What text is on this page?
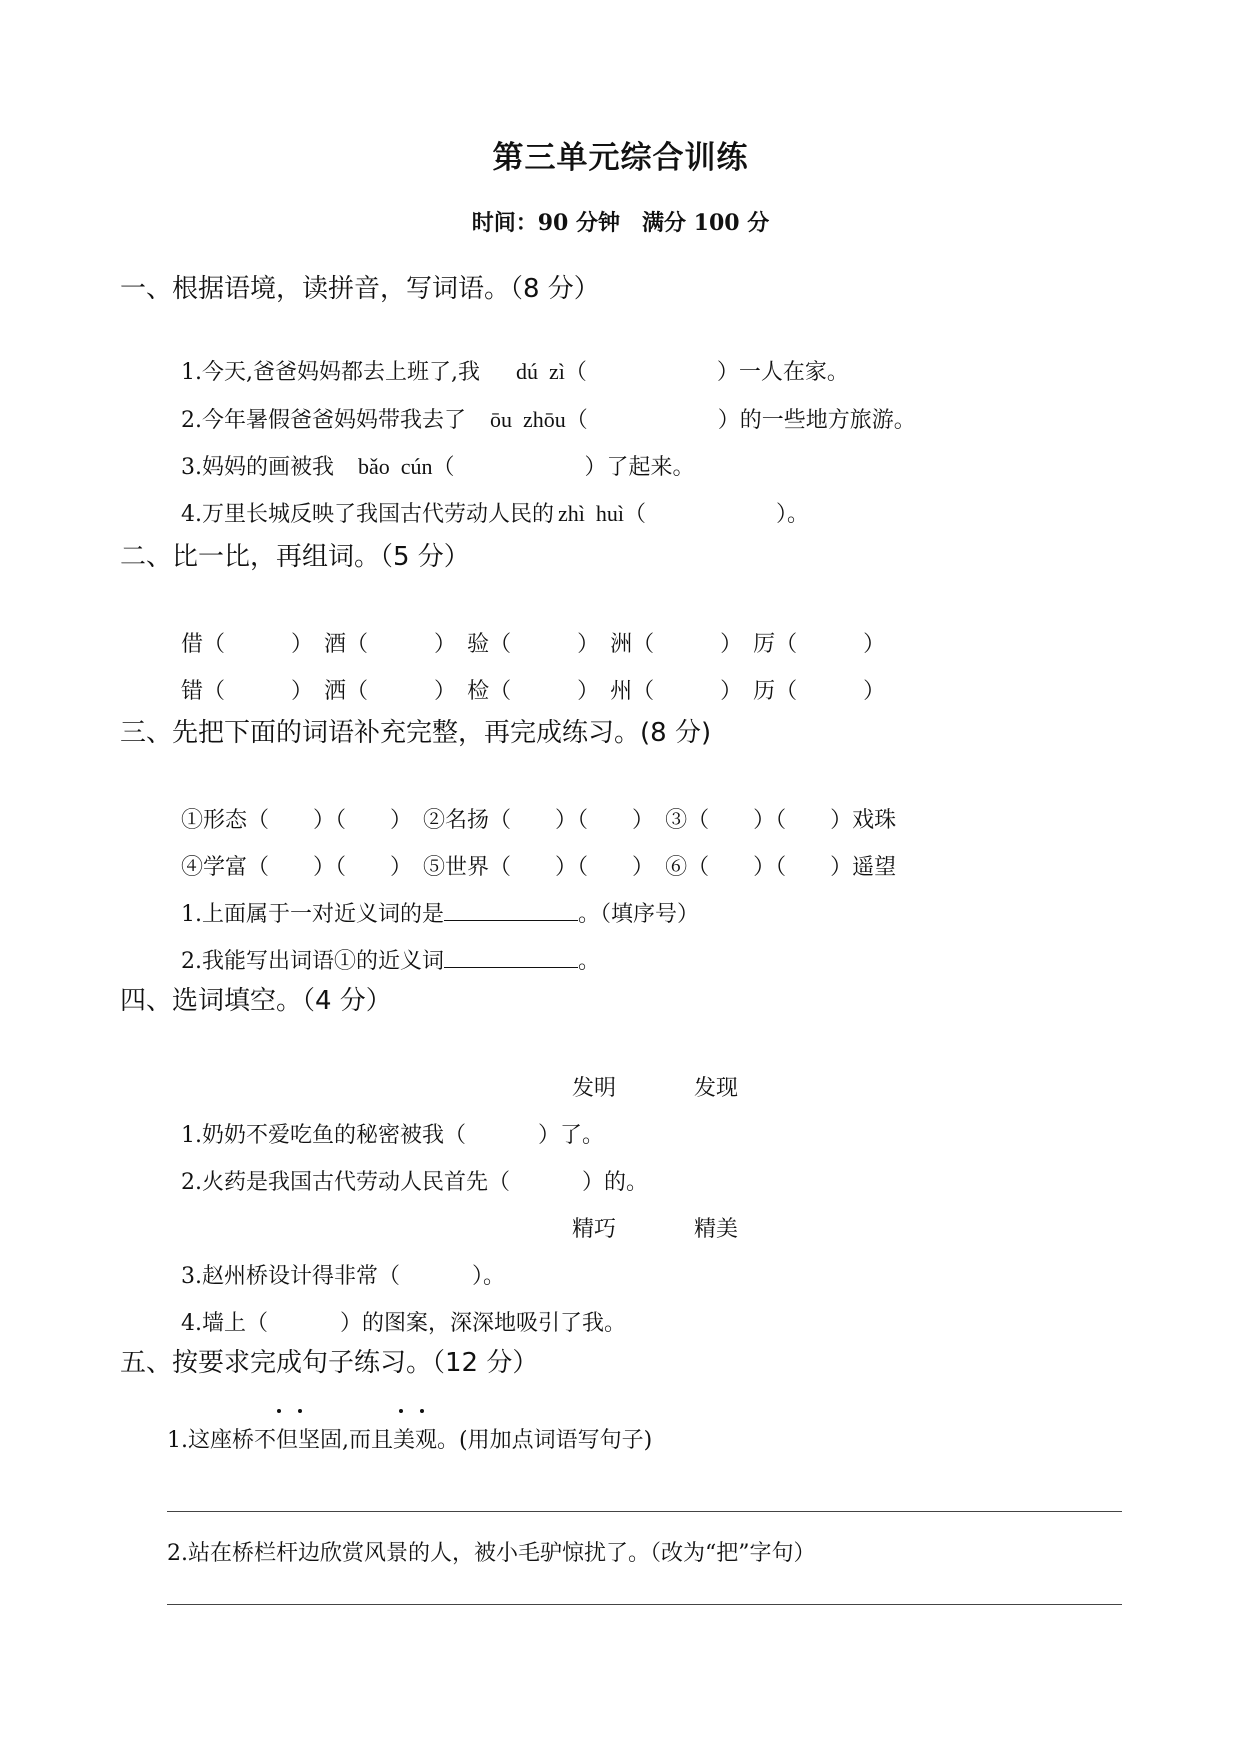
第三单元综合训练
时间：90 分钟　满分 100 分
一、根据语境，读拼音，写词语。（8 分）

1.今天,爸爸妈妈都去上班了,我 dú  zì（	）一人在家。

2.今年暑假爸爸妈妈带我去了 ōu  zhōu（	）的一些地方旅游。

3.妈妈的画被我 bǎo  cún（	）了起来。

4.万里长城反映了我国古代劳动人民的 zhì  huì（	）。

二、比一比，再组词。（5 分）

借（　　　）　酒（　　　）　验（　　　）　洲（　　　）　厉（　　　）

错（　　　）　洒（　　　）　检（　　　）　州（　　　）　历（　　　）

三、先把下面的词语补充完整，再完成练习。(8 分)

①形态（　　）（　　）　②名扬（　　）（　　）　③（　　）（　　）戏珠

④学富（　　）（　　）　⑤世界（　　）（　　）　⑥（　　）（　　）遥望

1.上面属于一对近义词的是	。（填序号）

2.我能写出词语①的近义词	。

四、选词填空。（4 分）

发明	发现

1.奶奶不爱吃鱼的秘密被我（	）了。

2.火药是我国古代劳动人民首先（	）的。

精巧	精美

3.赵州桥设计得非常（	）。

4.墙上（	）的图案，深深地吸引了我。

五、按要求完成句子练习。（12 分）
1.这座桥不但坚固,而且美观。(用加点词语写句子)
2.站在桥栏杆边欣赏风景的人，被小毛驴惊扰了。（改为“把”字句）
